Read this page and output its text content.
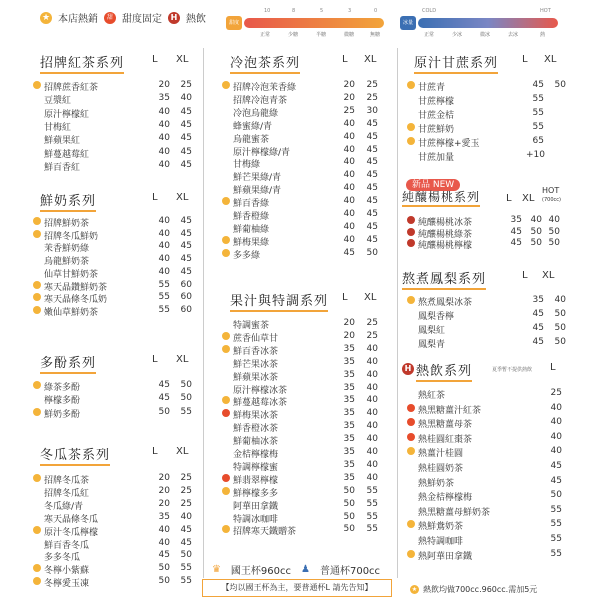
★ 本店熱銷	甜 甜度固定	H 熱飲	甜度
10	8	5	3	0
正常	少糖	半糖	微糖	無糖
冰量
COLD	HOT
正常	少冰	微冰	去冰	熱
招牌紅茶系列	L XL
招牌蔗香紅茶	20	25
豆漿紅	35	40
原汁檸檬紅	40	45
甘梅紅	40	45
鮮蘋果紅	40	45
鮮蔓越莓紅	40	45
鮮百香紅	40	45
鮮奶系列	L XL
招牌鮮奶茶	40	45
招牌冬瓜鮮奶	40	45
茉香鮮奶綠	40	45
烏龍鮮奶茶	40	45
仙草甘鮮奶茶	40	45
寒天晶鑽鮮奶茶	55	60
寒天晶條冬瓜奶	55	60
嫩仙草鮮奶茶	55	60
多酚系列	L XL
綠茶多酚	45	50
檸檬多酚	45	50
鮮奶多酚	50	55
冬瓜茶系列	L XL
招牌冬瓜茶	20	25
招牌冬瓜紅	20	25
冬瓜綠/青	20	25
寒天晶條冬瓜	35	40
原汁冬瓜檸檬	40	45
鮮百香冬瓜	40	45
多多冬瓜	45	50
冬檸小紫蘇	50	55
冬檸愛玉凍	50	55
冷泡茶系列	L XL
招牌冷泡茉香綠	20	25
招牌冷泡青茶	20	25
冷泡烏龍綠	25	30
蜂蜜綠/青	40	45
烏龍蜜茶	40	45
原汁檸檬綠/青	40	45
甘梅綠	40	45
鮮芒果綠/青	40	45
鮮蘋果綠/青	40	45
鮮百香綠	40	45
鮮香橙綠	40	45
鮮葡柚綠	40	45
鮮梅果綠	40	45
多多綠	45	50
果汁與特調系列	L XL
特調蜜茶	20	25
蔗香仙草甘	20	25
鮮百香冰茶	35	40
鮮芒果冰茶	35	40
鮮蘋果冰茶	35	40
原汁檸檬冰茶	35	40
鮮蔓越莓冰茶	35	40
鮮梅果冰茶	35	40
鮮香橙冰茶	35	40
鮮葡柚冰茶	35	40
金桔檸檬梅	35	40
特調檸檬蜜	35	40
鮮翡翠檸檬	35	40
鮮檸檬多多	50	55
阿華田拿鐵	50	55
特調冰咖啡	50	55
招牌寒天鐵贈茶	50	55
♛ 國王杯960cc ♟ 普通杯700cc
【均以國王杯為主，要普通杯L 請先告知】
原汁甘蔗系列	L XL
甘蔗青	45	50
甘蔗檸檬	55
甘蔗金桔	55
甘蔗鮮奶	55
甘蔗檸檬+愛玉	65
甘蔗加量	+10
新品 NEW
純釀楊桃系列	L XL
HOT
(700cc)
純釀楊桃冰茶	35 40 40
純釀楊桃綠茶	45 50 50
純釀楊桃檸檬	45 50 50
熬煮鳳梨系列	L XL
熬煮鳳梨冰茶	35	40
鳳梨香檸	45	50
鳳梨紅	45	50
鳳梨青	45	50
H 熱飲系列	夏季暫不提供熱飲 L
熱紅茶	25
熱黑糖薑汁紅茶	40
熱黑糖薑母茶	40
熱桂圓紅棗茶	40
熱薑汁桂圓	40
熱桂圓奶茶	45
熱鮮奶茶	45
熱金桔檸檬梅	50
熱黑糖薑母鮮奶茶	55
熱鮮鴦奶茶	55
熱特調咖啡	55
熱阿華田拿鐵	55
★ 熱飲均做700cc.960cc.需加5元
